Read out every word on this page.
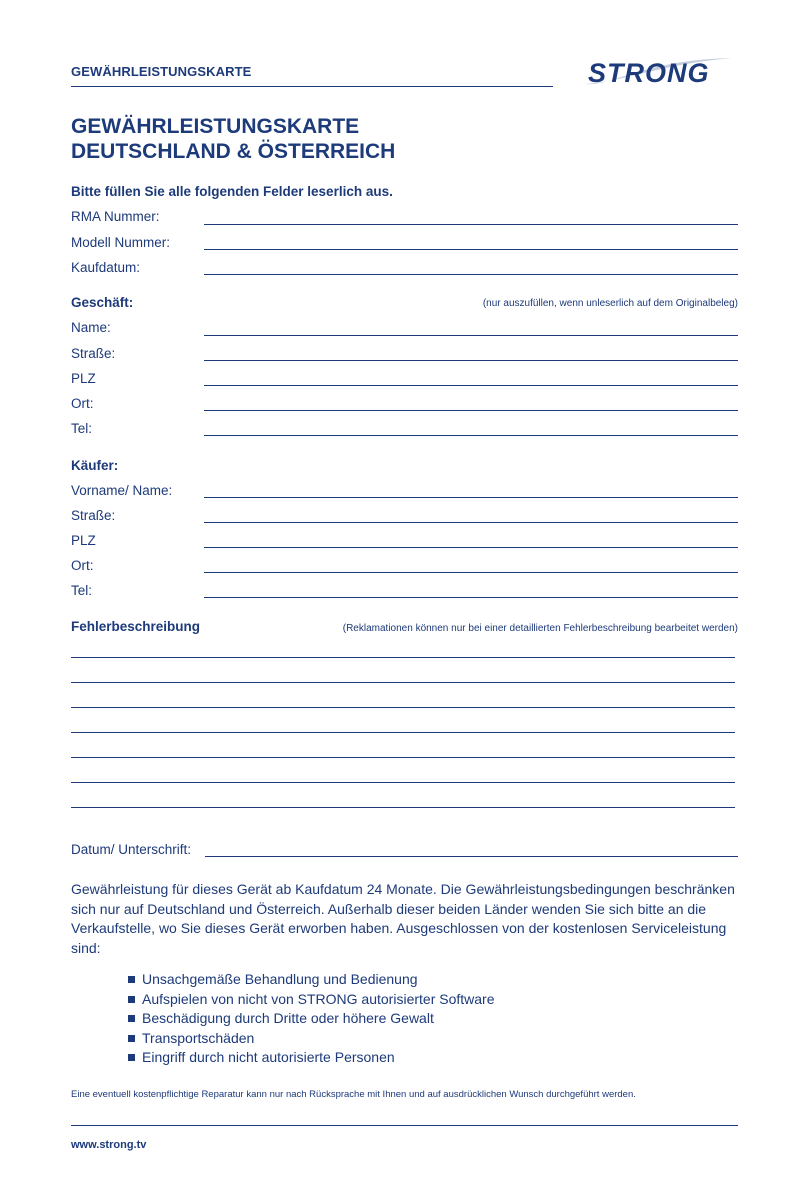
GEWÄHRLEISTUNGSKARTE	STRONG
GEWÄHRLEISTUNGSKARTE
DEUTSCHLAND & ÖSTERREICH
Bitte füllen Sie alle folgenden Felder leserlich aus.
RMA Nummer:
Modell Nummer:
Kaufdatum:
Geschäft:	(nur auszufüllen, wenn unleserlich auf dem Originalbeleg)
Name:
Straße:
PLZ
Ort:
Tel:
Käufer:
Vorname/ Name:
Straße:
PLZ
Ort:
Tel:
Fehlerbeschreibung	(Reklamationen können nur bei einer detaillierten Fehlerbeschreibung bearbeitet werden)
Datum/ Unterschrift:
Gewährleistung für dieses Gerät ab Kaufdatum 24 Monate. Die Gewährleistungsbedingungen beschränken sich nur auf Deutschland und Österreich. Außerhalb dieser beiden Länder wenden Sie sich bitte an die Verkaufstelle, wo Sie dieses Gerät erworben haben. Ausgeschlossen von der kostenlosen Serviceleistung sind:
Unsachgemäße Behandlung und Bedienung
Aufspielen von nicht von STRONG autorisierter Software
Beschädigung durch Dritte oder höhere Gewalt
Transportschäden
Eingriff durch nicht autorisierte Personen
Eine eventuell kostenpflichtige Reparatur kann nur nach Rücksprache mit Ihnen und auf ausdrücklichen Wunsch durchgeführt werden.
www.strong.tv
